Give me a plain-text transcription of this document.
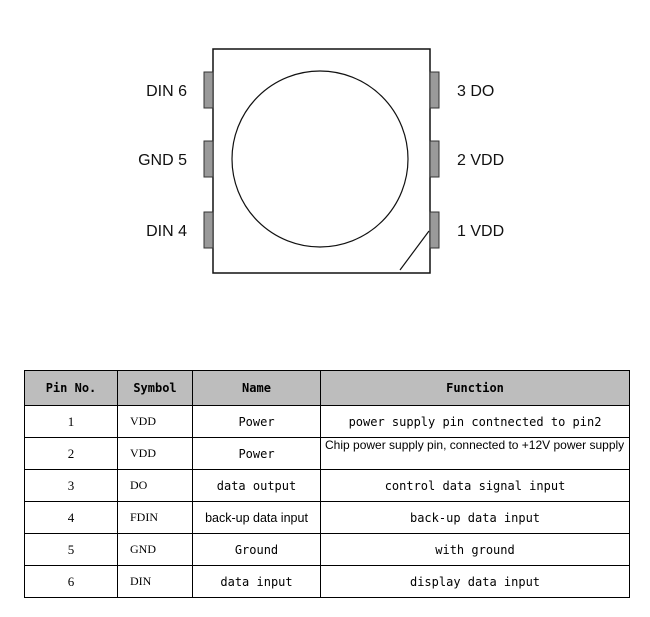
DIN 6
GND 5
DIN 4
3 DO
2 VDD
1 VDD
Pin No.	Symbol	Name	Function
1	VDD	Power	power supply pin contnected to pin2
2	VDD	Power	Chip power supply pin, connected to +12V power supply
3	DO	data output	control data signal input
4	FDIN	back-up data input	back-up data input
5	GND	Ground	with ground
6	DIN	data input	display data input
